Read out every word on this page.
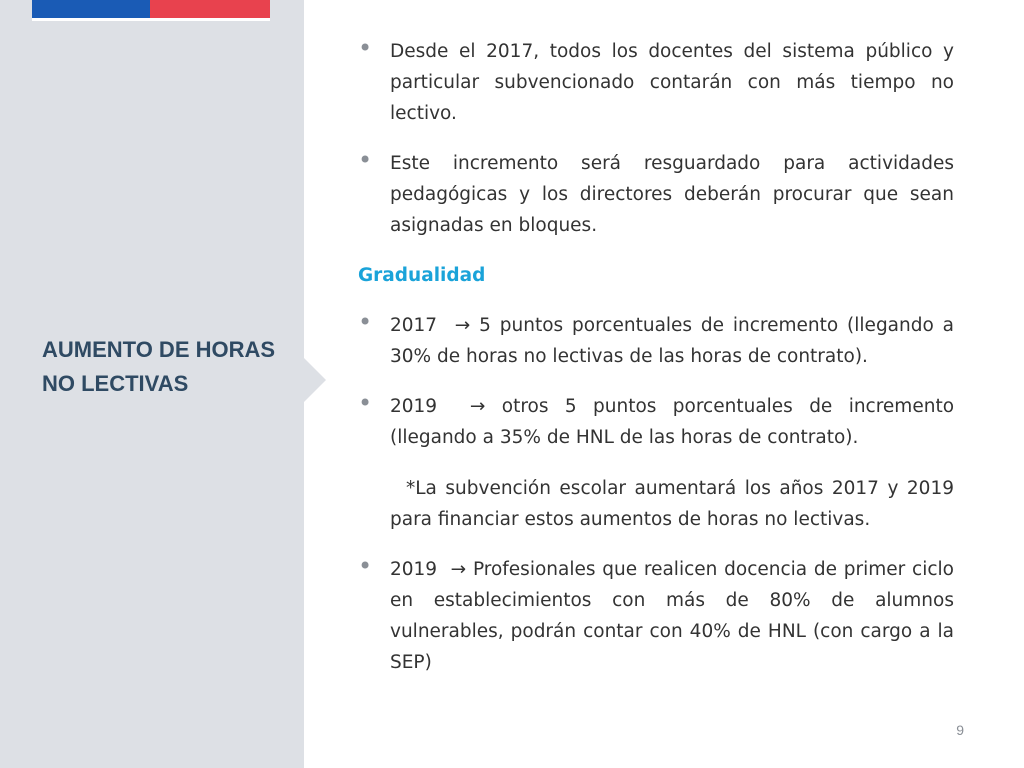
AUMENTO DE HORAS NO LECTIVAS

• Desde el 2017, todos los docentes del sistema público y particular subvencionado contarán con más tiempo no lectivo.

• Este incremento será resguardado para actividades pedagógicas y los directores deberán procurar que sean asignadas en bloques.

Gradualidad

• 2017 → 5 puntos porcentuales de incremento (llegando a 30% de horas no lectivas de las horas de contrato).

• 2019 → otros 5 puntos porcentuales de incremento (llegando a 35% de HNL de las horas de contrato).

*La subvención escolar aumentará los años 2017 y 2019 para financiar estos aumentos de horas no lectivas.

• 2019 → Profesionales que realicen docencia de primer ciclo en establecimientos con más de 80% de alumnos vulnerables, podrán contar con 40% de HNL (con cargo a la SEP)

9
